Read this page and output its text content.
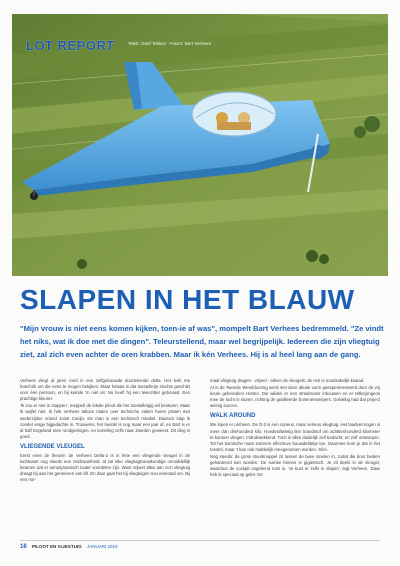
LOT REPORT	Tekst: Geef Tekken - Foto's: Bert Verhees
SLAPEN IN HET BLAUW
"Mijn vrouw is niet eens komen kijken, toen-ie af was", mompelt Bart Verhees bedremmeld. "Ze vindt het niks, wat ik doe met die dingen". Teleurstellend, maar wel begrijpelijk. Iedereen die zijn vliegtuig ziet, zal zich even achter de oren krabben. Maar ik kén Verhees. Hij is al heel lang aan de gang.

Verhees vliegt al jaren rond in een zelfgebouwde doorlekende delta. Het leek me hoechrik om die eens te mogen bekijken. Maar helaas is dat toestelletje slechts geschikt voor één persoon, en bij keinde 'm niet uit. Nu heeft hij een tweezitter gebouwd. Een prachtige kleurer.

'Ik zou er niet in stappen', meppelt de lokale piloot die het toestelletgig wil besturen. Maar ik twijfel niet. Ik heb Verhees talloze malen over techniche zaken horen praten met wederzijdse vriend Joost Conijn. De man is een technisch mirakel. Daarom stap ik zonder enige bijgedachte in. Trouwens, het toestel is nog maar een jaar af, en Bart is er al half Engeland mee rondgevlogen, en korteling zelfs naar Zweden geweest. Dit ding is goed.

VLIEGENDE VLEUGEL

Eerst even de theorie: de Verhees Delta-2 is in feite een vliegende vleugel in de luchtvaart nog steeds een zeldzaamheid, al zal elke vliegtuigbouwkundige onmiddellijk beamen dat er aerodynamisch louter voordelen zijn. Want vrijwel alles aan zo'n vliegtuig draagt bij aan het genereren van lift. En daar gaat het bij vliegtuigen nou eenmaal om. Bij een nor-

maal vliegtuig dragen - vrijwel - alleen de vleugels; de rest is noodzakelijk kwaad.

Al in de Tweede Wereldoorlog werd met deze ideale vorm geëxperimenteerd door de vrij koute gebroeders Horten. Die wilden er een straalmotor inbouwen en er Hitlerjongens mee de lucht in sturen, richting de geallieerde bommenwerpers. Gelukkig had dat project weinig succes.

WALK AROUND

We lopen er omheen. De D-2 is een curieus, maar serieus vliegtuig. Het laadvermogen is meer dan driehonderd kilo. Honderdtwintig liter brandstof om achttienhonderd kilometer te kunnen vliegen. Indrukwekkend. Toch is alles duidelijk zelf bedacht, en zelf ontworpen. Tot het komische maar extreem effectieve bouwdeldetje toe. Daarmee kom je dat in het toestel, maar 't kan ook makkelijk meegenomen worden. Slim.

Nog steeds: de grote stuurknuppel zit tussen de twee stoelen in, zodat die door beiden gehanteerd kan worden. De sumke binnen is gigantisch. Je zit deels in de vleugel, waardoor de cockpit ongekend ruim is. 'Je kunt er zelfs in slapen', legt Verhees. 'Daar heb ik speciaal op gelet. De

16 PILOOT EN VLIEGTUIG JANUARI 2019
